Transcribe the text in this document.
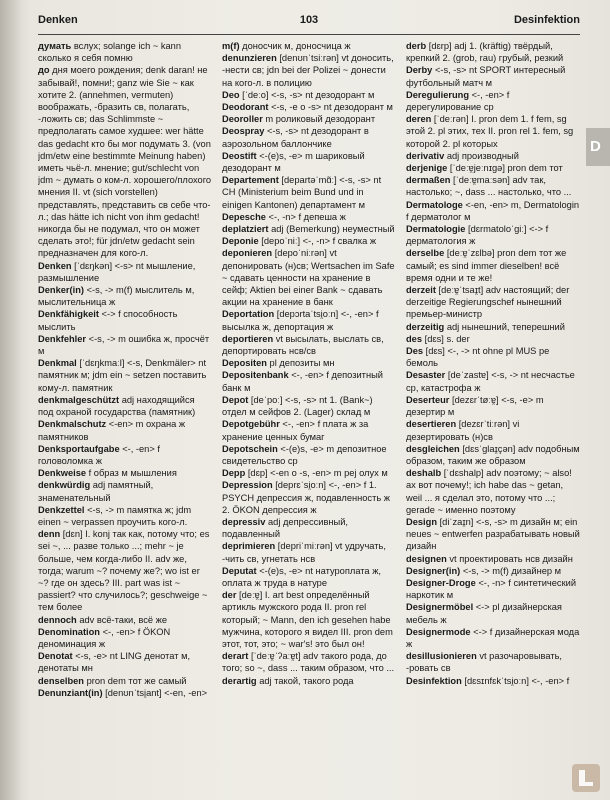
Denken	103	Desinfektion
думать вслух; solange ich ~ kann сколько я себя помню
до дня моего рождения; denk daran! не забывай!, помни!; ganz wie Sie ~ как хотите 2. (annehmen, vermuten) воображать, -бразить св, полагать, -ложить св; das Schlimmste ~ предполагать самое худшее: wer hätte das gedacht кто бы мог подумать 3. (von jdm/etw eine bestimmte Meinung haben) иметь чьё-л. мнение; gut/schlecht von jdm ~ думать о ком-л. хорошего/плохого мнения II. vt (sich vorstellen) представлять, представить св себе что-л.; das hätte ich nicht von ihm gedacht! никогда бы не подумал, что он может сделать это!; für jdn/etw gedacht sein предназначен для кого-л.
Denken [ˈdɛŋkən] <-s> nt мышление, размышление
Denker(in) <-s, -> m(f) мыслитель м, мыслительница ж
Denkfähigkeit <-> f способность мыслить
Denkfehler <-s, -> m ошибка ж, просчёт м
Denkmal [ˈdɛŋkmaːl] <-s, Denkmäler> nt памятник м; jdm ein ~ setzen поставить кому-л. памятник
denkmalgeschützt adj находящийся под охраной государства (памятник)
Denkmalschutz <-en> m охрана ж памятников
Denksportaufgabe <-, -en> f головоломка ж
Denkweise f образ м мышления
denkwürdig adj памятный, знаменательный
Denkzettel <-s, -> m памятка ж; jdm einen ~ verpassen проучить кого-л.
denn [dɛn] I. konj так как, потому что; es sei ~, ... разве только ...; mehr ~ je больше, чем когда-либо II. adv же, тогда; warum ~? почему же?; wo ist er ~? где он здесь? III. part was ist ~ passiert? что случилось?; geschweige ~ тем более
dennoch adv всё-таки, всё же
Denomination <-, -en> f ÖKON деноминация ж
Denotat <-s, -e> nt LING денотат м, денотаты мн
denselben pron dem тот же самый
Denunziant(in) [denʊnˈtsi̯ant] <-en, -en>
m(f) доносчик м, доносчица ж
denunzieren [denʊnˈtsiːrən] vt доносить, -нести св; jdn bei der Polizei ~ донести на кого-л. в полицию
Deo [ˈdeːo] <-s, -s> nt дезодорант м
Deodorant <-s, -e o -s> nt дезодорант м
Deoroller m роликовый дезодорант
Deospray <-s, -s> nt дезодорант в аэрозольном баллончике
Deostift <-(e)s, -e> m шариковый дезодорант м
Departement [departəˈmɑ̃ː] <-s, -s> nt CH (Ministerium beim Bund und in einigen Kantonen) департамент м
Depesche <-, -n> f депеша ж
deplatziert adj (Bemerkung) неуместный
Deponie [depoˈniː] <-, -n> f свалка ж
deponieren [depoˈniːrən] vt депонировать (н)св; Wertsachen im Safe ~ сдавать ценности на хранение в сейф; Aktien bei einer Bank ~ сдавать акции на хранение в банк
Deportation [depɔrtaˈtsi̯oːn] <-, -en> f высылка ж, депортация ж
deportieren vt высылать, выслать св, депортировать нсв/св
Depositen pl депозиты мн
Depositenbank <-, -en> f депозитный банк м
Depot [deˈpoː] <-s, -s> nt 1. (Bank~) отдел м сейфов 2. (Lager) склад м
Depotgebühr <-, -en> f плата ж за хранение ценных бумаг
Depotschein <-(e)s, -e> m депозитное свидетельство ср
Depp [dɛp] <-en o -s, -en> m pej олух м
Depression [deprɛˈsi̯oːn] <-, -en> f 1. PSYCH депрессия ж, подавленность ж 2. ÖKON депрессия ж
depressiv adj депрессивный, подавленный
deprimieren [depriˈmiːrən] vt удручать, -чить св, угнетать нсв
Deputat <-(e)s, -e> nt натуроплата ж, оплата ж труда в натуре
der [deːɐ̯] I. art best определённый артикль мужского рода II. pron rel который; ~ Mann, den ich gesehen habe мужчина, которого я видел III. pron dem этот, тот, это; ~ war's! это был он!
derart [ˈdeːɐ̯ˈʔaːɐ̯t] adv такого рода, до того; so ~, dass ... таким образом, что ...
derartig adj такой, такого рода
derb [dɛrp] adj 1. (kräftig) твёрдый, крепкий 2. (grob, rau) грубый, резкий
Derby <-s, -s> nt SPORT интересный футбольный матч м
Deregulierung <-, -en> f дерегулирование ср
deren [ˈdeːrən] I. pron dem 1. f fem, sg этой 2. pl этих, тех II. pron rel 1. fem, sg которой 2. pl которых
derivativ adj производный
derjenige [ˈdeːɐ̯jeːnɪɡə] pron dem тот
dermaßen [ˈdeːɐ̯maːsən] adv так, настолько; ~, dass ... настолько, что ...
Dermatologe <-en, -en> m, Dermatologin f дерматолог м
Dermatologie [dɛrmatoloˈɡiː] <-> f дерматология ж
derselbe [deːɐ̯ˈzɛlbə] pron dem тот же самый; es sind immer dieselben! всё время одни и те же!
derzeit [deːɐ̯ˈtsaɪ̯t] adv настоящий; der derzeitige Regierungschef нынешний премьер-министр
derzeitig adj нынешний, теперешний
des [dɛs] s. der
Des [dɛs] <-, -> nt ohne pl MUS ре бемоль
Desaster [deˈzastɐ] <-s, -> nt несчастье ср, катастрофа ж
Deserteur [dezɛrˈtøːɐ̯] <-s, -e> m дезертир м
desertieren [dezɛrˈtiːrən] vi дезертировать (н)св
desgleichen [dɛsˈɡlaɪ̯çən] adv подобным образом, таким же образом
deshalb [ˈdɛshalp] adv поэтому; ~ also! ах вот почему!; ich habe das ~ getan, weil ... я сделал это, потому что ...; gerade ~ именно поэтому
Design [diˈzaɪ̯n] <-s, -s> m дизайн м; ein neues ~ entwerfen разрабатывать новый дизайн
designen vt проектировать нсв дизайн
Designer(in) <-s, -> m(f) дизайнер м
Designer-Droge <-, -n> f синтетический наркотик м
Designermöbel <-> pl дизайнерская мебель ж
Designermode <-> f дизайнерская мода ж
desillusionieren vt разочаровывать, -ровать св
Desinfektion [dɛsɪnfɛkˈtsi̯oːn] <-, -en> f
D
